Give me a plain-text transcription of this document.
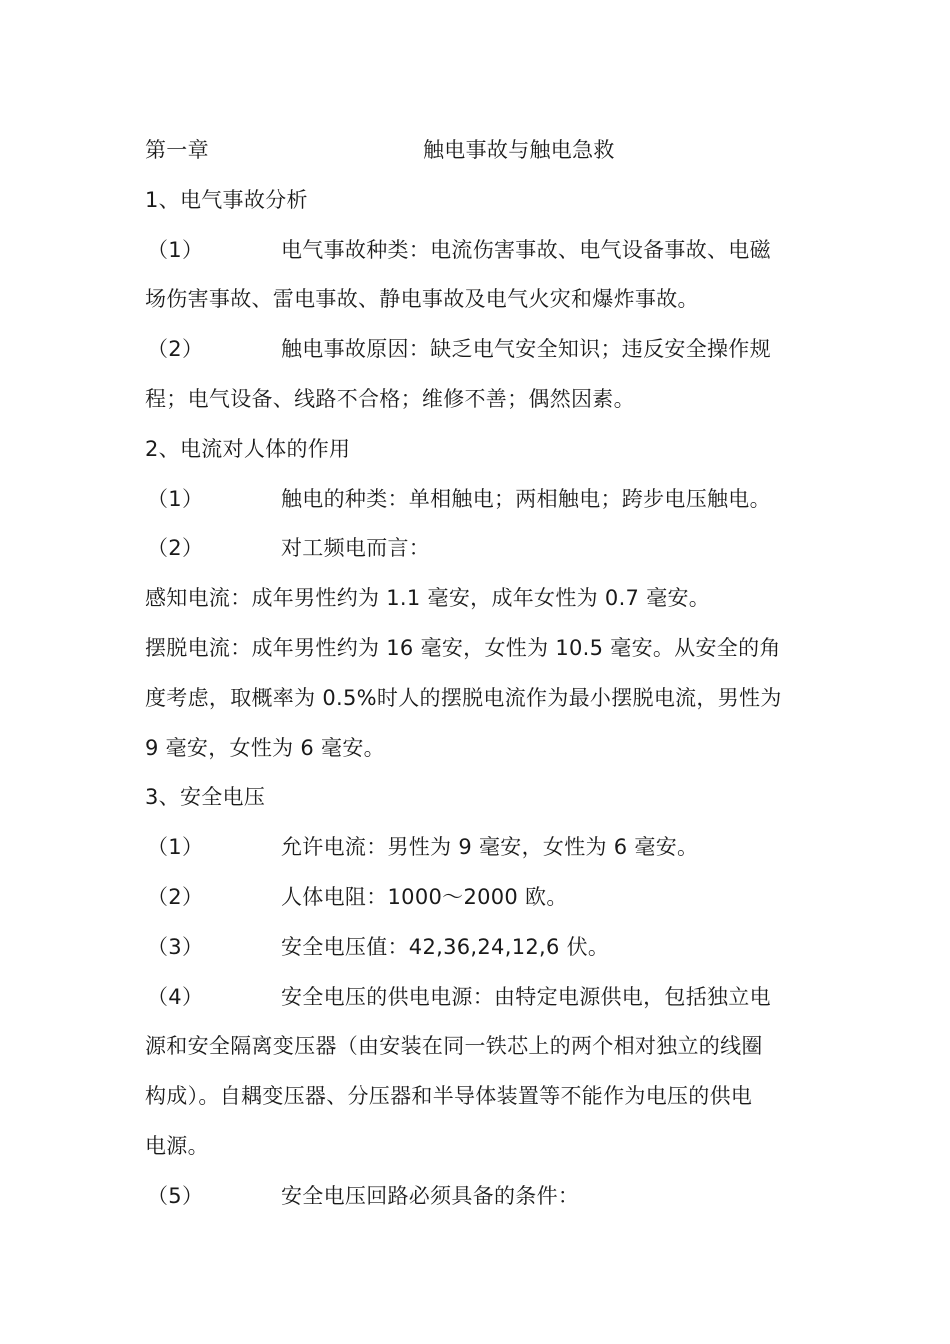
第一章	触电事故与触电急救
1、电气事故分析
（1）	电气事故种类：电流伤害事故、电气设备事故、电磁
场伤害事故、雷电事故、静电事故及电气火灾和爆炸事故。
（2）	触电事故原因：缺乏电气安全知识；违反安全操作规
程；电气设备、线路不合格；维修不善；偶然因素。
2、电流对人体的作用
（1）	触电的种类：单相触电；两相触电；跨步电压触电。
（2）	对工频电而言：
感知电流：成年男性约为 1.1 毫安，成年女性为 0.7 毫安。
摆脱电流：成年男性约为 16 毫安，女性为 10.5 毫安。从安全的角
度考虑，取概率为 0.5%时人的摆脱电流作为最小摆脱电流，男性为
9 毫安，女性为 6 毫安。
3、安全电压
（1）	允许电流：男性为 9 毫安，女性为 6 毫安。
（2）	人体电阻：1000～2000 欧。
（3）	安全电压值：42,36,24,12,6 伏。
（4）	安全电压的供电电源：由特定电源供电，包括独立电
源和安全隔离变压器（由安装在同一铁芯上的两个相对独立的线圈
构成）。自耦变压器、分压器和半导体装置等不能作为电压的供电
电源。
（5）	安全电压回路必须具备的条件：
